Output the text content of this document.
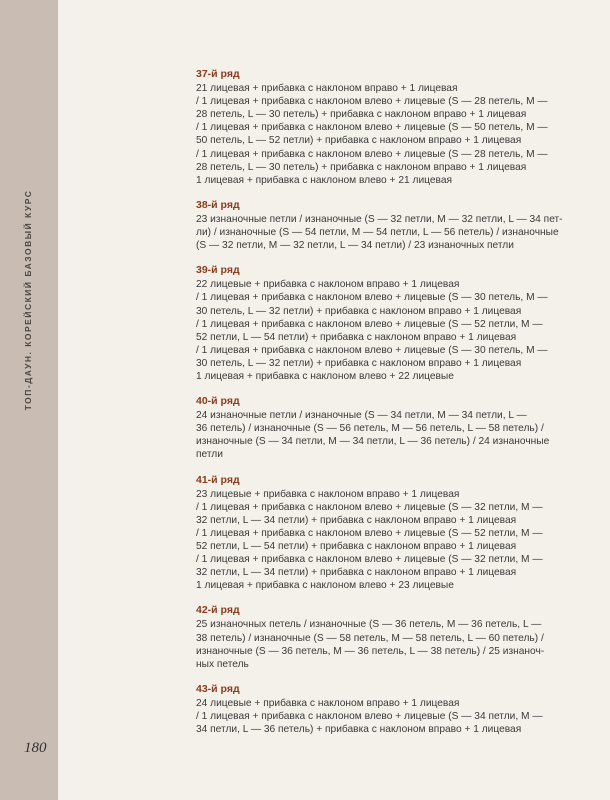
ТОП-ДАУН. КОРЕЙСКИЙ БАЗОВЫЙ КУРС
180
37-й ряд
21 лицевая + прибавка с наклоном вправо + 1 лицевая
/ 1 лицевая + прибавка с наклоном влево + лицевые (S — 28 петель, M —
28 петель, L — 30 петель) + прибавка с наклоном вправо + 1 лицевая
/ 1 лицевая + прибавка с наклоном влево + лицевые (S — 50 петель, M —
50 петель, L — 52 петли) + прибавка с наклоном вправо + 1 лицевая
/ 1 лицевая + прибавка с наклоном влево + лицевые (S — 28 петель, M —
28 петель, L — 30 петель) + прибавка с наклоном вправо + 1 лицевая
1 лицевая + прибавка с наклоном влево + 21 лицевая
38-й ряд
23 изнаночные петли / изнаночные (S — 32 петли, M — 32 петли, L — 34 пет-
ли) / изнаночные (S — 54 петли, M — 54 петли, L — 56 петель) / изнаночные
(S — 32 петли, M — 32 петли, L — 34 петли) / 23 изнаночных петли
39-й ряд
22 лицевые + прибавка с наклоном вправо + 1 лицевая
/ 1 лицевая + прибавка с наклоном влево + лицевые (S — 30 петель, M —
30 петель, L — 32 петли) + прибавка с наклоном вправо + 1 лицевая
/ 1 лицевая + прибавка с наклоном влево + лицевые (S — 52 петли, M —
52 петли, L — 54 петли) + прибавка с наклоном вправо + 1 лицевая
/ 1 лицевая + прибавка с наклоном влево + лицевые (S — 30 петель, M —
30 петель, L — 32 петли) + прибавка с наклоном вправо + 1 лицевая
1 лицевая + прибавка с наклоном влево + 22 лицевые
40-й ряд
24 изнаночные петли / изнаночные (S — 34 петли, M — 34 петли, L —
36 петель) / изнаночные (S — 56 петель, M — 56 петель, L — 58 петель) /
изнаночные (S — 34 петли, M — 34 петли, L — 36 петель) / 24 изнаночные
петли
41-й ряд
23 лицевые + прибавка с наклоном вправо + 1 лицевая
/ 1 лицевая + прибавка с наклоном влево + лицевые (S — 32 петли, M —
32 петли, L — 34 петли) + прибавка с наклоном вправо + 1 лицевая
/ 1 лицевая + прибавка с наклоном влево + лицевые (S — 52 петли, M —
52 петли, L — 54 петли) + прибавка с наклоном вправо + 1 лицевая
/ 1 лицевая + прибавка с наклоном влево + лицевые (S — 32 петли, M —
32 петли, L — 34 петли) + прибавка с наклоном вправо + 1 лицевая
1 лицевая + прибавка с наклоном влево + 23 лицевые
42-й ряд
25 изнаночных петель / изнаночные (S — 36 петель, M — 36 петель, L —
38 петель) / изнаночные (S — 58 петель, M — 58 петель, L — 60 петель) /
изнаночные (S — 36 петель, M — 36 петель, L — 38 петель) / 25 изнаноч-
ных петель
43-й ряд
24 лицевые + прибавка с наклоном вправо + 1 лицевая
/ 1 лицевая + прибавка с наклоном влево + лицевые (S — 34 петли, M —
34 петли, L — 36 петель) + прибавка с наклоном вправо + 1 лицевая
